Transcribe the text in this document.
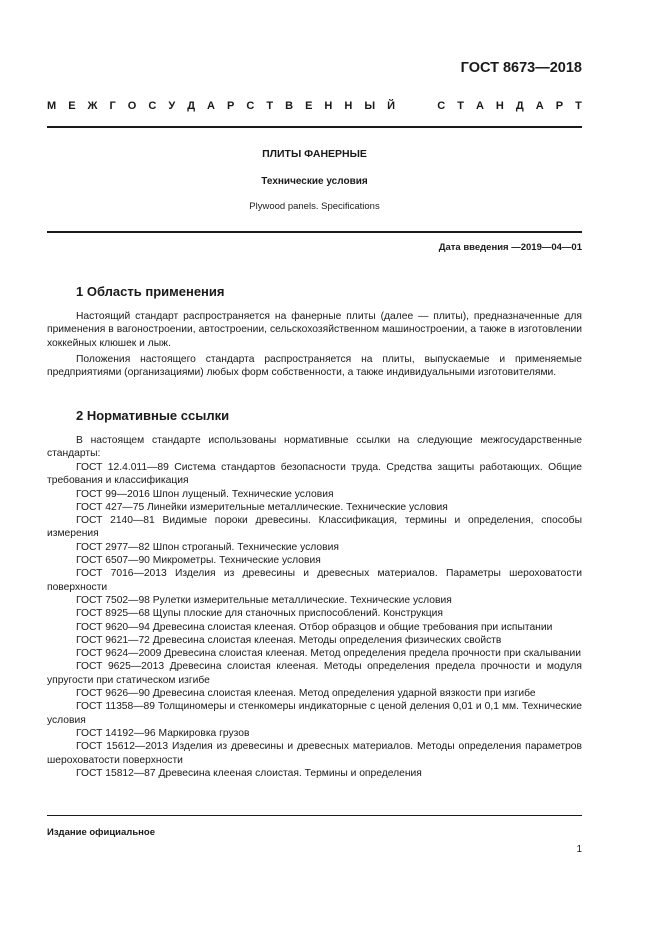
ГОСТ 8673—2018
М Е Ж Г О С У Д А Р С Т В Е Н Н Ы Й

	С Т А Н Д А Р Т
ПЛИТЫ ФАНЕРНЫЕ
Технические условия
Plywood panels. Specifications
Дата введения —2019—04—01
1 Область применения
Настоящий стандарт распространяется на фанерные плиты (далее — плиты), предназначенные для применения в вагоностроении, автостроении, сельскохозяйственном машиностроении, а также в изготовлении хоккейных клюшек и лыж.
Положения настоящего стандарта распространяется на плиты, выпускаемые и применяемые предприятиями (организациями) любых форм собственности, а также индивидуальными изготовителями.
2 Нормативные ссылки
В настоящем стандарте использованы нормативные ссылки на следующие межгосударственные стандарты:
ГОСТ 12.4.011—89 Система стандартов безопасности труда. Средства защиты работающих. Общие требования и классификация
ГОСТ 99—2016 Шпон лущеный. Технические условия
ГОСТ 427—75 Линейки измерительные металлические. Технические условия
ГОСТ 2140—81 Видимые пороки древесины. Классификация, термины и определения, способы измерения
ГОСТ 2977—82 Шпон строганый. Технические условия
ГОСТ 6507—90 Микрометры. Технические условия
ГОСТ 7016—2013 Изделия из древесины и древесных материалов. Параметры шероховатости поверхности
ГОСТ 7502—98 Рулетки измерительные металлические. Технические условия
ГОСТ 8925—68 Щупы плоские для станочных приспособлений. Конструкция
ГОСТ 9620—94 Древесина слоистая клееная. Отбор образцов и общие требования при испытании
ГОСТ 9621—72 Древесина слоистая клееная. Методы определения физических свойств
ГОСТ 9624—2009 Древесина слоистая клееная. Метод определения предела прочности при скалывании
ГОСТ 9625—2013 Древесина слоистая клееная. Методы определения предела прочности и модуля упругости при статическом изгибе
ГОСТ 9626—90 Древесина слоистая клееная. Метод определения ударной вязкости при изгибе
ГОСТ 11358—89 Толщиномеры и стенкомеры индикаторные с ценой деления 0,01 и 0,1 мм. Технические условия
ГОСТ 14192—96 Маркировка грузов
ГОСТ 15612—2013 Изделия из древесины и древесных материалов. Методы определения параметров шероховатости поверхности
ГОСТ 15812—87 Древесина клееная слоистая. Термины и определения
Издание официальное
1
